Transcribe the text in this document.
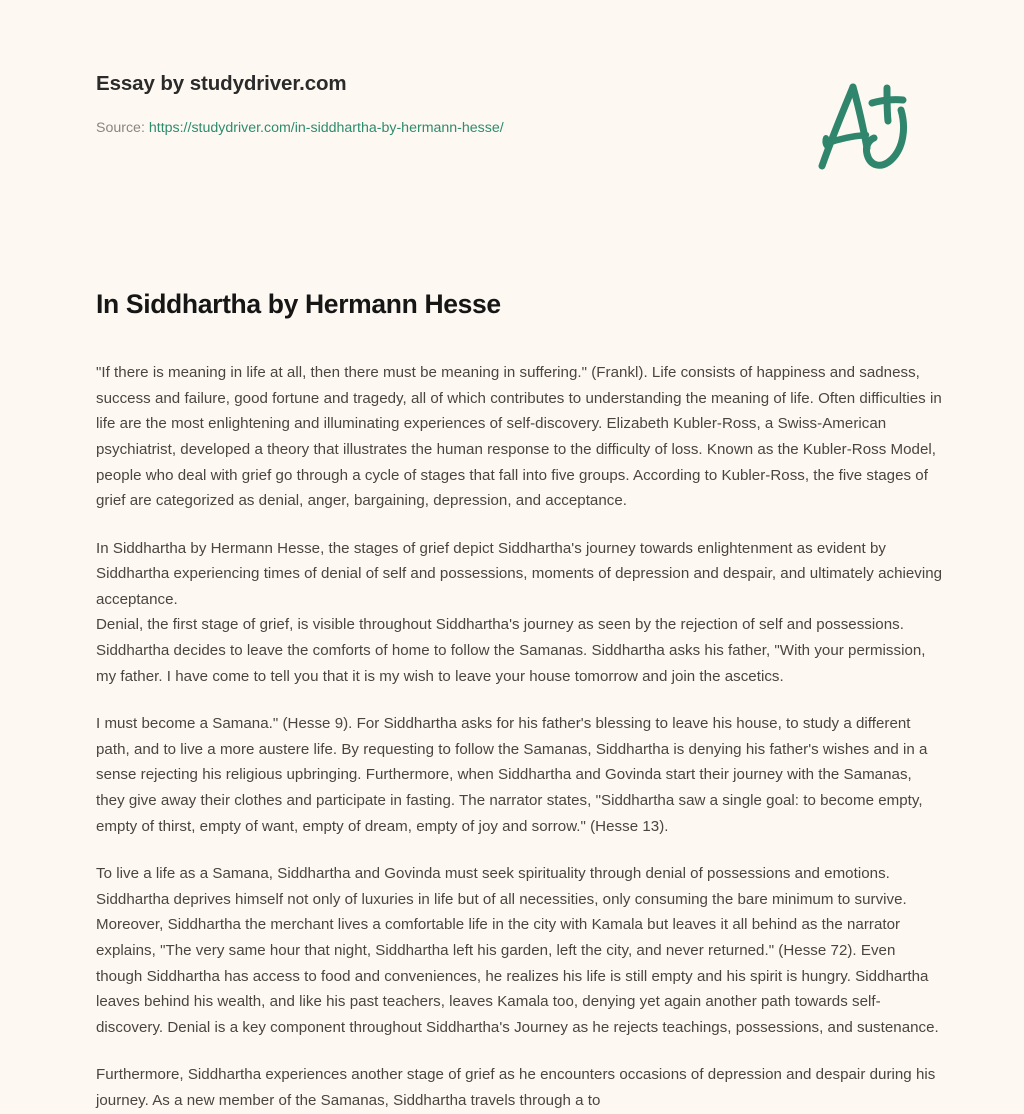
Essay by studydriver.com
Source: https://studydriver.com/in-siddhartha-by-hermann-hesse/
In Siddhartha by Hermann Hesse

"If there is meaning in life at all, then there must be meaning in suffering." (Frankl). Life consists of happiness and sadness, success and failure, good fortune and tragedy, all of which contributes to understanding the meaning of life. Often difficulties in life are the most enlightening and illuminating experiences of self-discovery. Elizabeth Kubler-Ross, a Swiss-American psychiatrist, developed a theory that illustrates the human response to the difficulty of loss. Known as the Kubler-Ross Model, people who deal with grief go through a cycle of stages that fall into five groups. According to Kubler-Ross, the five stages of grief are categorized as denial, anger, bargaining, depression, and acceptance.

In Siddhartha by Hermann Hesse, the stages of grief depict Siddhartha's journey towards enlightenment as evident by Siddhartha experiencing times of denial of self and possessions, moments of depression and despair, and ultimately achieving acceptance.
Denial, the first stage of grief, is visible throughout Siddhartha's journey as seen by the rejection of self and possessions. Siddhartha decides to leave the comforts of home to follow the Samanas. Siddhartha asks his father, "With your permission, my father. I have come to tell you that it is my wish to leave your house tomorrow and join the ascetics.

I must become a Samana." (Hesse 9). For Siddhartha asks for his father's blessing to leave his house, to study a different path, and to live a more austere life. By requesting to follow the Samanas, Siddhartha is denying his father's wishes and in a sense rejecting his religious upbringing. Furthermore, when Siddhartha and Govinda start their journey with the Samanas, they give away their clothes and participate in fasting. The narrator states, "Siddhartha saw a single goal: to become empty, empty of thirst, empty of want, empty of dream, empty of joy and sorrow." (Hesse 13).

To live a life as a Samana, Siddhartha and Govinda must seek spirituality through denial of possessions and emotions. Siddhartha deprives himself not only of luxuries in life but of all necessities, only consuming the bare minimum to survive. Moreover, Siddhartha the merchant lives a comfortable life in the city with Kamala but leaves it all behind as the narrator explains, "The very same hour that night, Siddhartha left his garden, left the city, and never returned." (Hesse 72). Even though Siddhartha has access to food and conveniences, he realizes his life is still empty and his spirit is hungry. Siddhartha leaves behind his wealth, and like his past teachers, leaves Kamala too, denying yet again another path towards self-discovery. Denial is a key component throughout Siddhartha's Journey as he rejects teachings, possessions, and sustenance.

Furthermore, Siddhartha experiences another stage of grief as he encounters occasions of depression and despair during his journey. As a new member of the Samanas, Siddhartha travels through a to
